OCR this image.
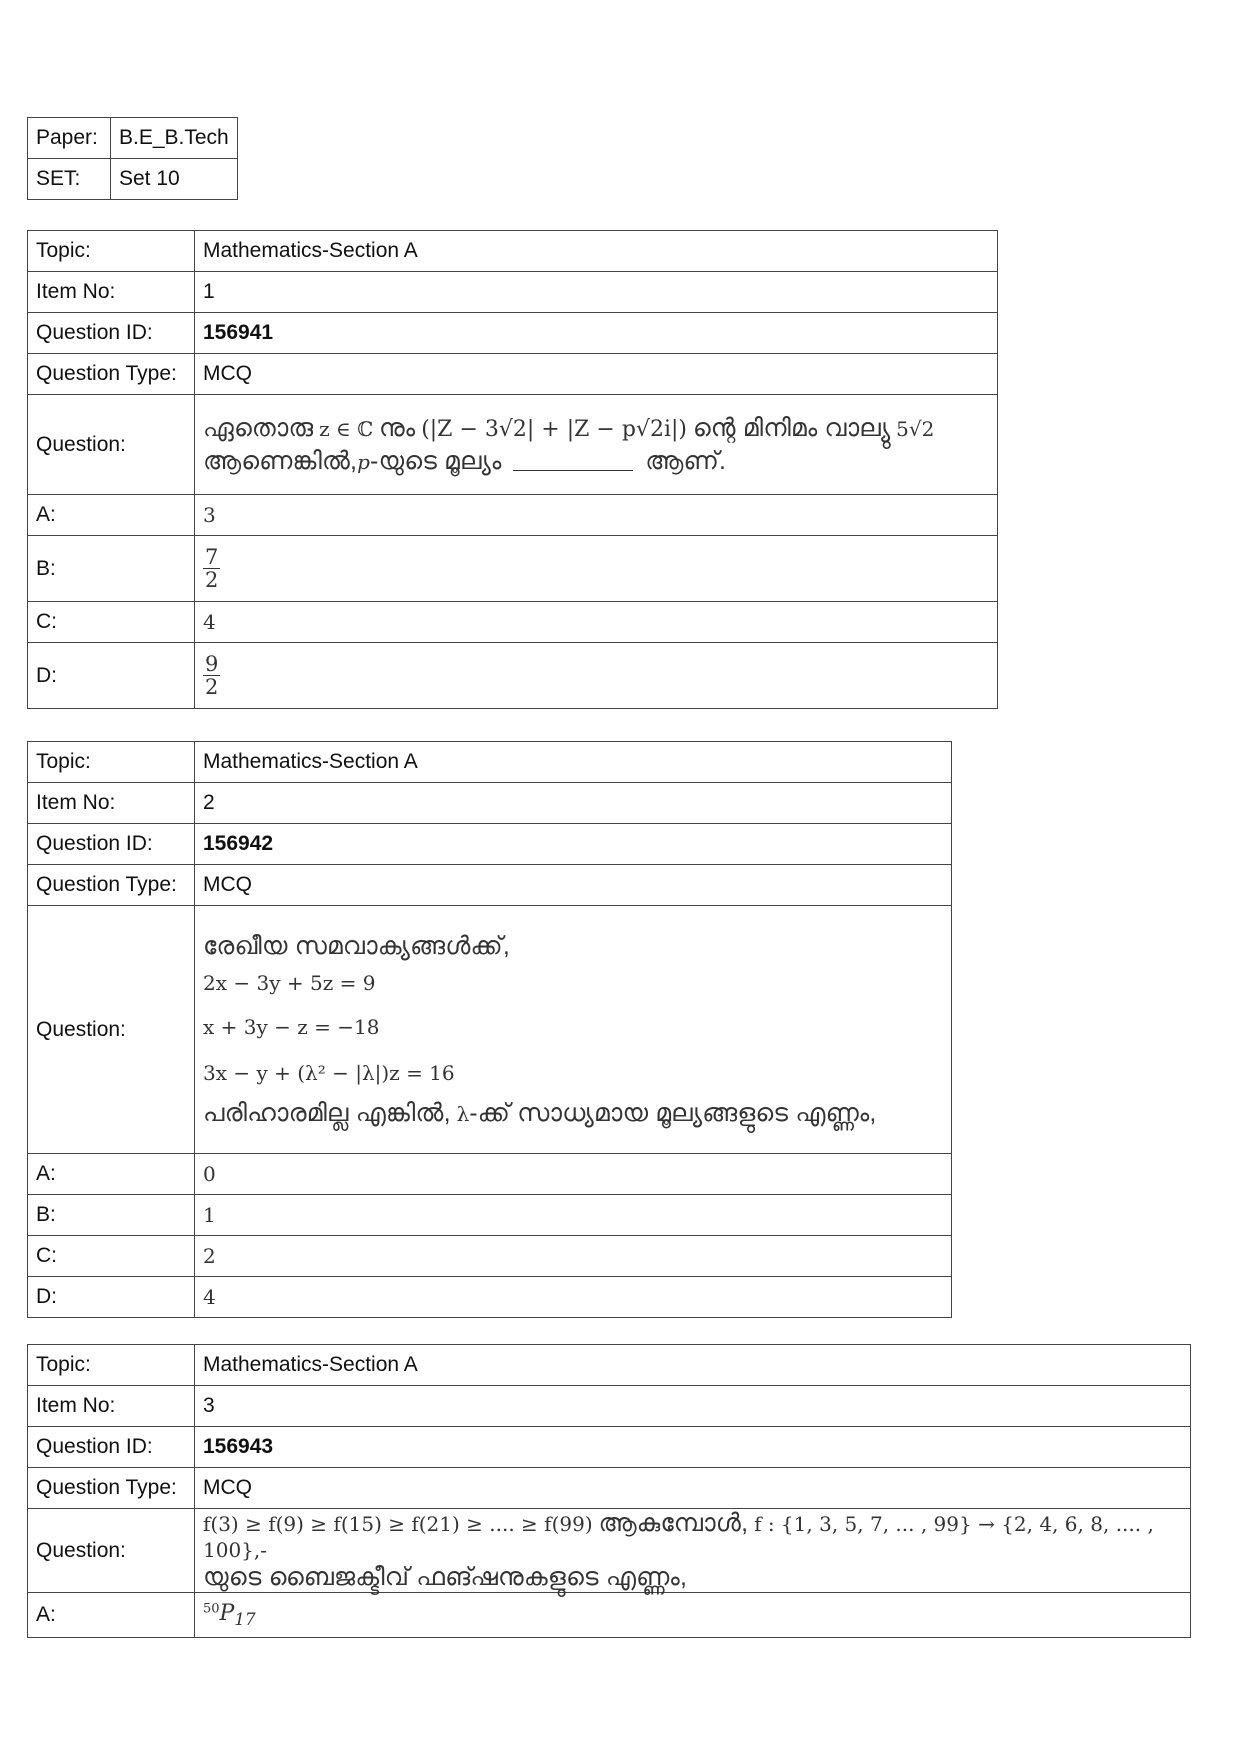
Paper:	B.E_B.Tech
SET:	Set 10
Topic:	Mathematics-Section A
Item No:	1
Question ID:	156941
Question Type:	MCQ
Question:	ഏതൊരു z ∈ ℂ നും (|Z − 3√2| + |Z − p√2i|) ന്റെ മിനിമം വാല്യു 5√2
ആണെങ്കിൽ,p-യുടെ മൂല്യം ആണ്.

A:	3
B:	$\frac{7}{2}$

C:	4
D:	$\frac{9}{2}$
Topic:	Mathematics-Section A
Item No:	2
Question ID:	156942
Question Type:	MCQ
Question:	രേഖീയ സമവാക്യങ്ങൾക്ക്,
2x − 3y + 5z = 9
x + 3y − z = −18
3x − y + (λ² − |λ|)z = 16
പരിഹാരമില്ല എങ്കിൽ, λ-ക്ക് സാധ്യമായ മൂല്യങ്ങളുടെ എണ്ണം,

A:	0
B:	1
C:	2
D:	4
Topic:	Mathematics-Section A
Item No:	3
Question ID:	156943
Question Type:	MCQ
Question:	f(3) ≥ f(9) ≥ f(15) ≥ f(21) ≥ .... ≥ f(99) ആകുമ്പോൾ, f : {1, 3, 5, 7, ... , 99} → {2, 4, 6, 8, .... , 100},-
യുടെ ബൈജക്ടീവ് ഫങ്ഷനുകളുടെ എണ്ണം,

A:	$^{50}P_{17}$
